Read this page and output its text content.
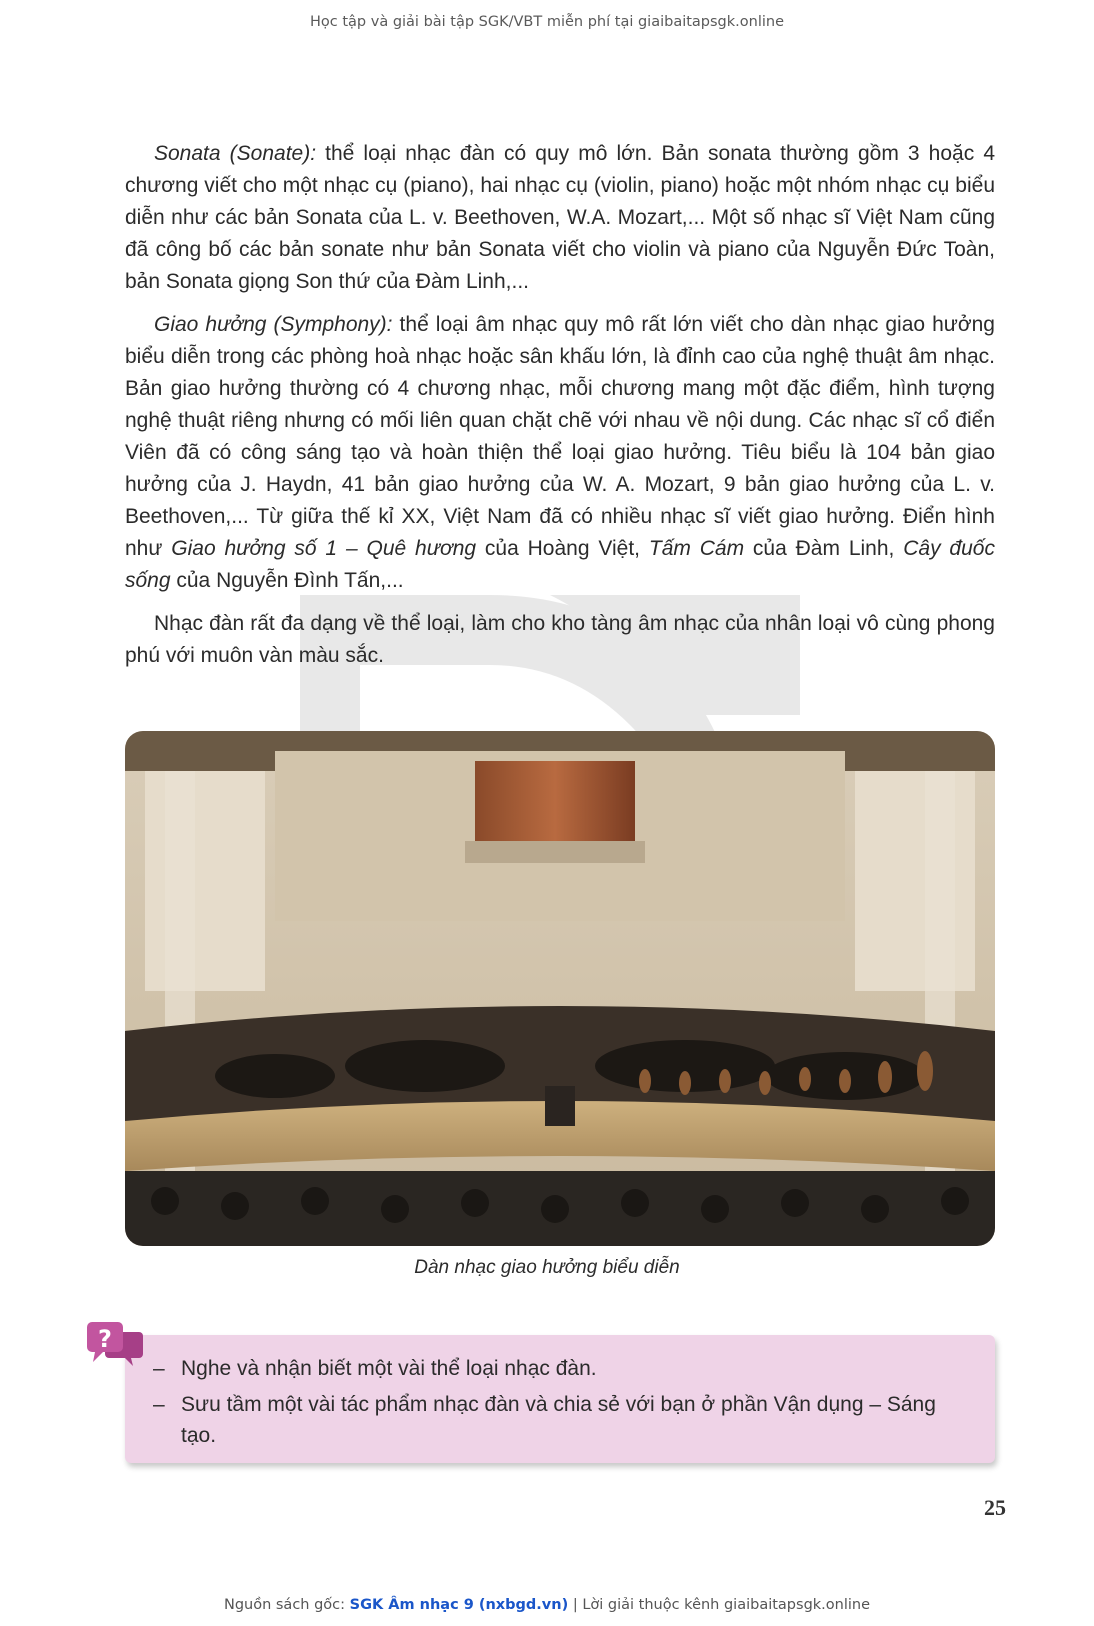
Học tập và giải bài tập SGK/VBT miễn phí tại giaibaitapsgk.online

Sonata (Sonate): thể loại nhạc đàn có quy mô lớn. Bản sonata thường gồm 3 hoặc 4 chương viết cho một nhạc cụ (piano), hai nhạc cụ (violin, piano) hoặc một nhóm nhạc cụ biểu diễn như các bản Sonata của L. v. Beethoven, W.A. Mozart,... Một số nhạc sĩ Việt Nam cũng đã công bố các bản sonate như bản Sonata viết cho violin và piano của Nguyễn Đức Toàn, bản Sonata giọng Son thứ của Đàm Linh,...

Giao hưởng (Symphony): thể loại âm nhạc quy mô rất lớn viết cho dàn nhạc giao hưởng biểu diễn trong các phòng hoà nhạc hoặc sân khấu lớn, là đỉnh cao của nghệ thuật âm nhạc. Bản giao hưởng thường có 4 chương nhạc, mỗi chương mang một đặc điểm, hình tượng nghệ thuật riêng nhưng có mối liên quan chặt chẽ với nhau về nội dung. Các nhạc sĩ cổ điển Viên đã có công sáng tạo và hoàn thiện thể loại giao hưởng. Tiêu biểu là 104 bản giao hưởng của J. Haydn, 41 bản giao hưởng của W. A. Mozart, 9 bản giao hưởng của L. v. Beethoven,... Từ giữa thế kỉ XX, Việt Nam đã có nhiều nhạc sĩ viết giao hưởng. Điển hình như Giao hưởng số 1 – Quê hương của Hoàng Việt, Tấm Cám của Đàm Linh, Cây đuốc sống của Nguyễn Đình Tấn,...

Nhạc đàn rất đa dạng về thể loại, làm cho kho tàng âm nhạc của nhân loại vô cùng phong phú với muôn vàn màu sắc.

Dàn nhạc giao hưởng biểu diễn
– Nghe và nhận biết một vài thể loại nhạc đàn.
– Sưu tầm một vài tác phẩm nhạc đàn và chia sẻ với bạn ở phần Vận dụng – Sáng tạo.
?
25
Nguồn sách gốc: SGK Âm nhạc 9 (nxbgd.vn) | Lời giải thuộc kênh giaibaitapsgk.online
